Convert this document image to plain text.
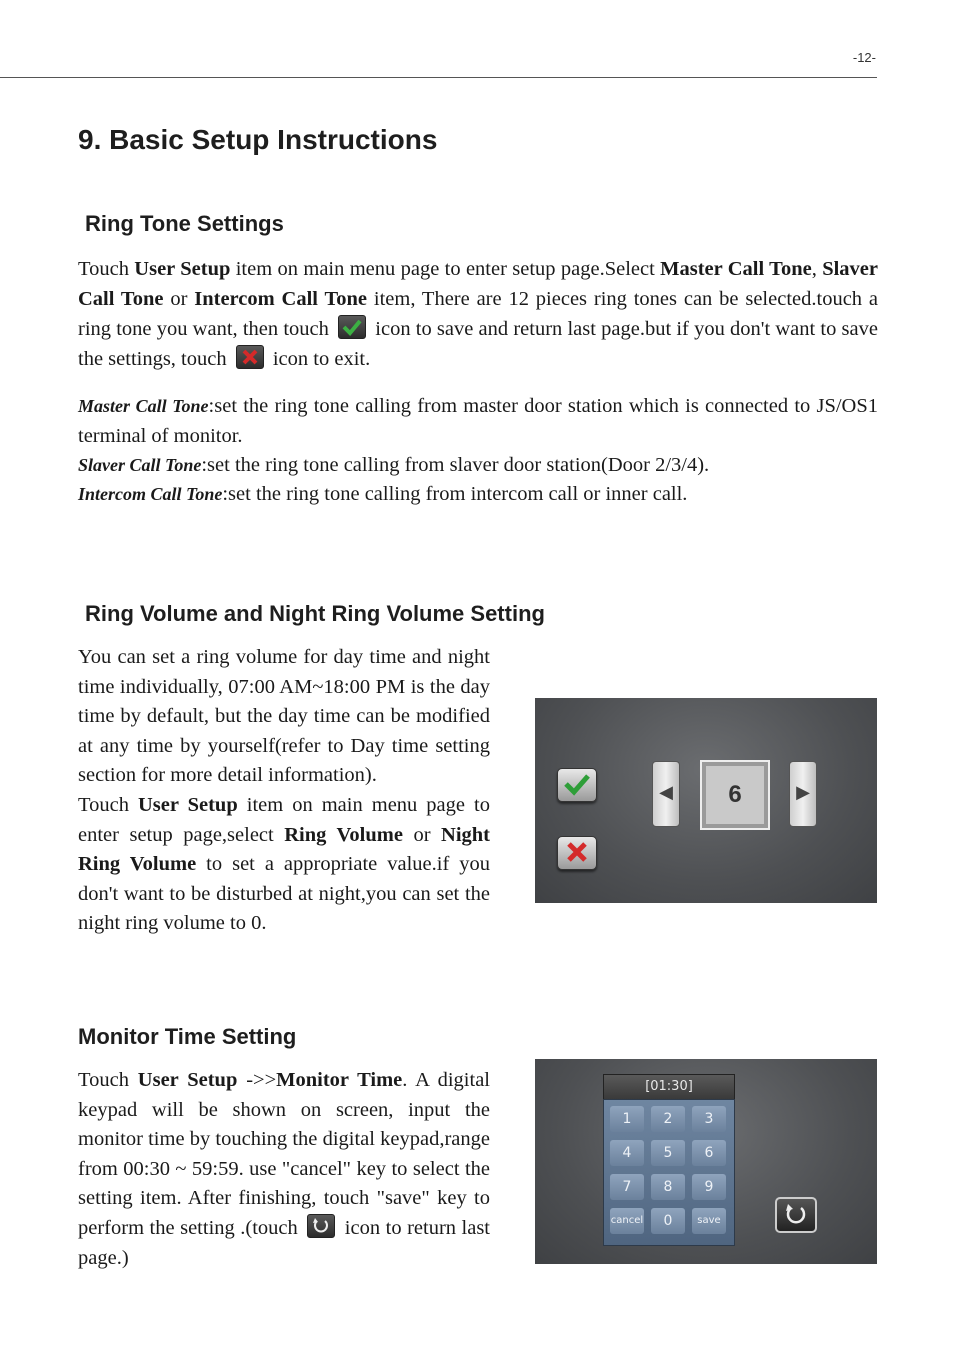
-12-
9. Basic Setup Instructions
Ring Tone Settings

Touch User Setup item on main menu page to enter setup page.Select Master Call Tone, Slaver Call Tone or Intercom Call Tone item, There are 12 pieces ring tones can be selected.touch a ring tone you want, then touch
icon to save and return last page.but if you don't want to save the settings, touch
icon to exit.

Master Call Tone:set the ring tone calling from master door station which is connected to JS/OS1 terminal of monitor.
Slaver Call Tone:set the ring tone calling from slaver door station(Door 2/3/4).
Intercom Call Tone:set the ring tone calling from intercom call or inner call.
Ring Volume and Night Ring Volume Setting

You can set a ring volume for day time and night time individually, 07:00 AM~18:00 PM is the day time by default, but the day time can be modified at any time by yourself(refer to Day time setting section for more detail information).
Touch User Setup item on main menu page to enter setup page,select Ring Volume or Night Ring Volume to set a appropriate value.if you don't want to be disturbed at night,you can set the night ring volume to 0.

◀	6	▶
Monitor Time Setting

Touch User Setup ->>Monitor Time. A digital keypad will be shown on screen, input the monitor time by touching the digital keypad,range from 00:30 ~ 59:59. use "cancel" key to select the setting item. After finishing, touch "save" key to perform the setting .(touch
icon to return last page.)

[01:30]
1	2	3
4	5	6
7	8	9
cancel	0	save
